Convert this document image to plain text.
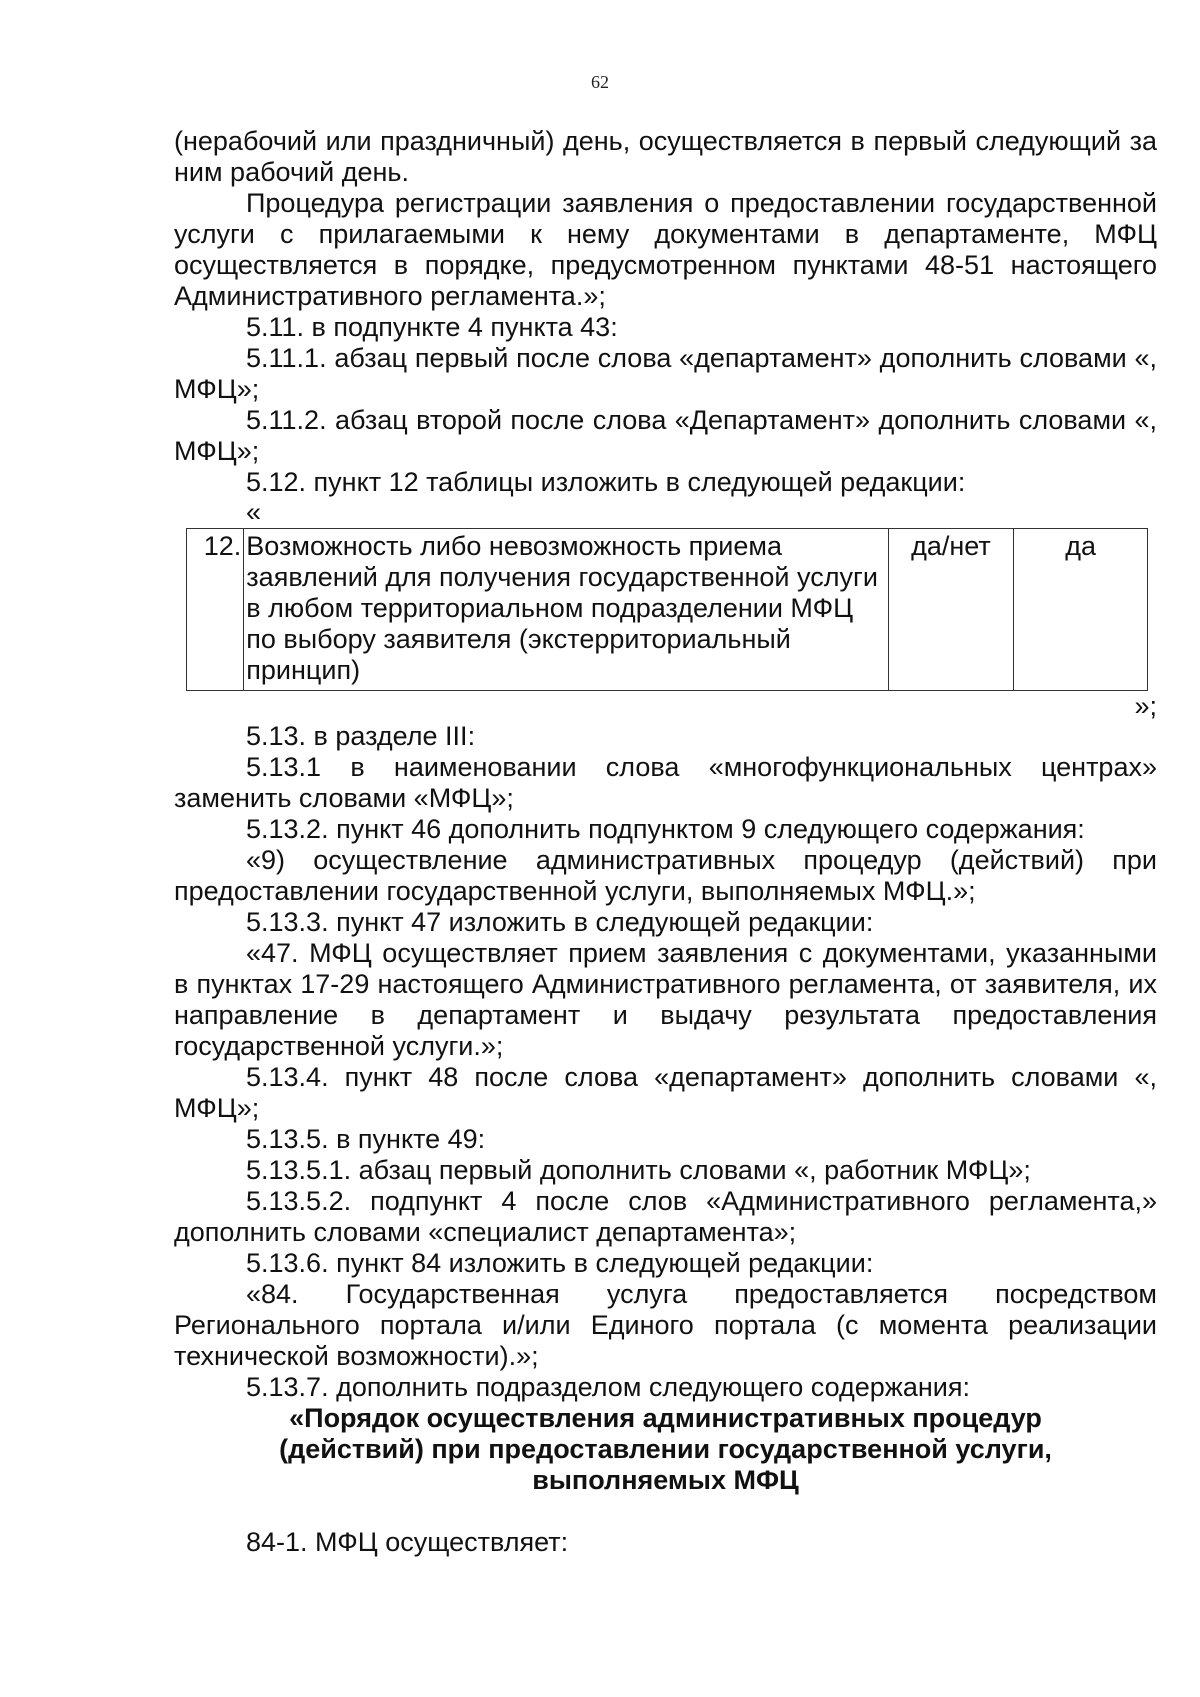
62

(нерабочий или праздничный) день, осуществляется в первый следующий за ним рабочий день.

Процедура регистрации заявления о предоставлении государственной услуги с прилагаемыми к нему документами в департаменте, МФЦ осуществляется в порядке, предусмотренном пунктами 48-51 настоящего Административного регламента.»;

5.11. в подпункте 4 пункта 43:

5.11.1. абзац первый после слова «департамент» дополнить словами «, МФЦ»;

5.11.2. абзац второй после слова «Департамент» дополнить словами «, МФЦ»;

5.12. пункт 12 таблицы изложить в следующей редакции:

«

12.	Возможность либо невозможность приема заявлений для получения государственной услуги в любом территориальном подразделении МФЦ по выбору заявителя (экстерриториальный принцип)	да/нет	да

»;

5.13. в разделе III:

5.13.1 в наименовании слова «многофункциональных центрах» заменить словами «МФЦ»;

5.13.2. пункт 46 дополнить подпунктом 9 следующего содержания:

«9) осуществление административных процедур (действий) при предоставлении государственной услуги, выполняемых МФЦ.»;

5.13.3. пункт 47 изложить в следующей редакции:

«47. МФЦ осуществляет прием заявления с документами, указанными в пунктах 17-29 настоящего Административного регламента, от заявителя, их направление в департамент и выдачу результата предоставления государственной услуги.»;

5.13.4. пункт 48 после слова «департамент» дополнить словами «, МФЦ»;

5.13.5. в пункте 49:

5.13.5.1. абзац первый дополнить словами «, работник МФЦ»;

5.13.5.2. подпункт 4 после слов «Административного регламента,» дополнить словами «специалист департамента»;

5.13.6. пункт 84 изложить в следующей редакции:

«84. Государственная услуга предоставляется посредством Регионального портала и/или Единого портала (с момента реализации технической возможности).»;

5.13.7. дополнить подразделом следующего содержания:

«Порядок осуществления административных процедур (действий) при предоставлении государственной услуги, выполняемых МФЦ

84-1. МФЦ осуществляет:
